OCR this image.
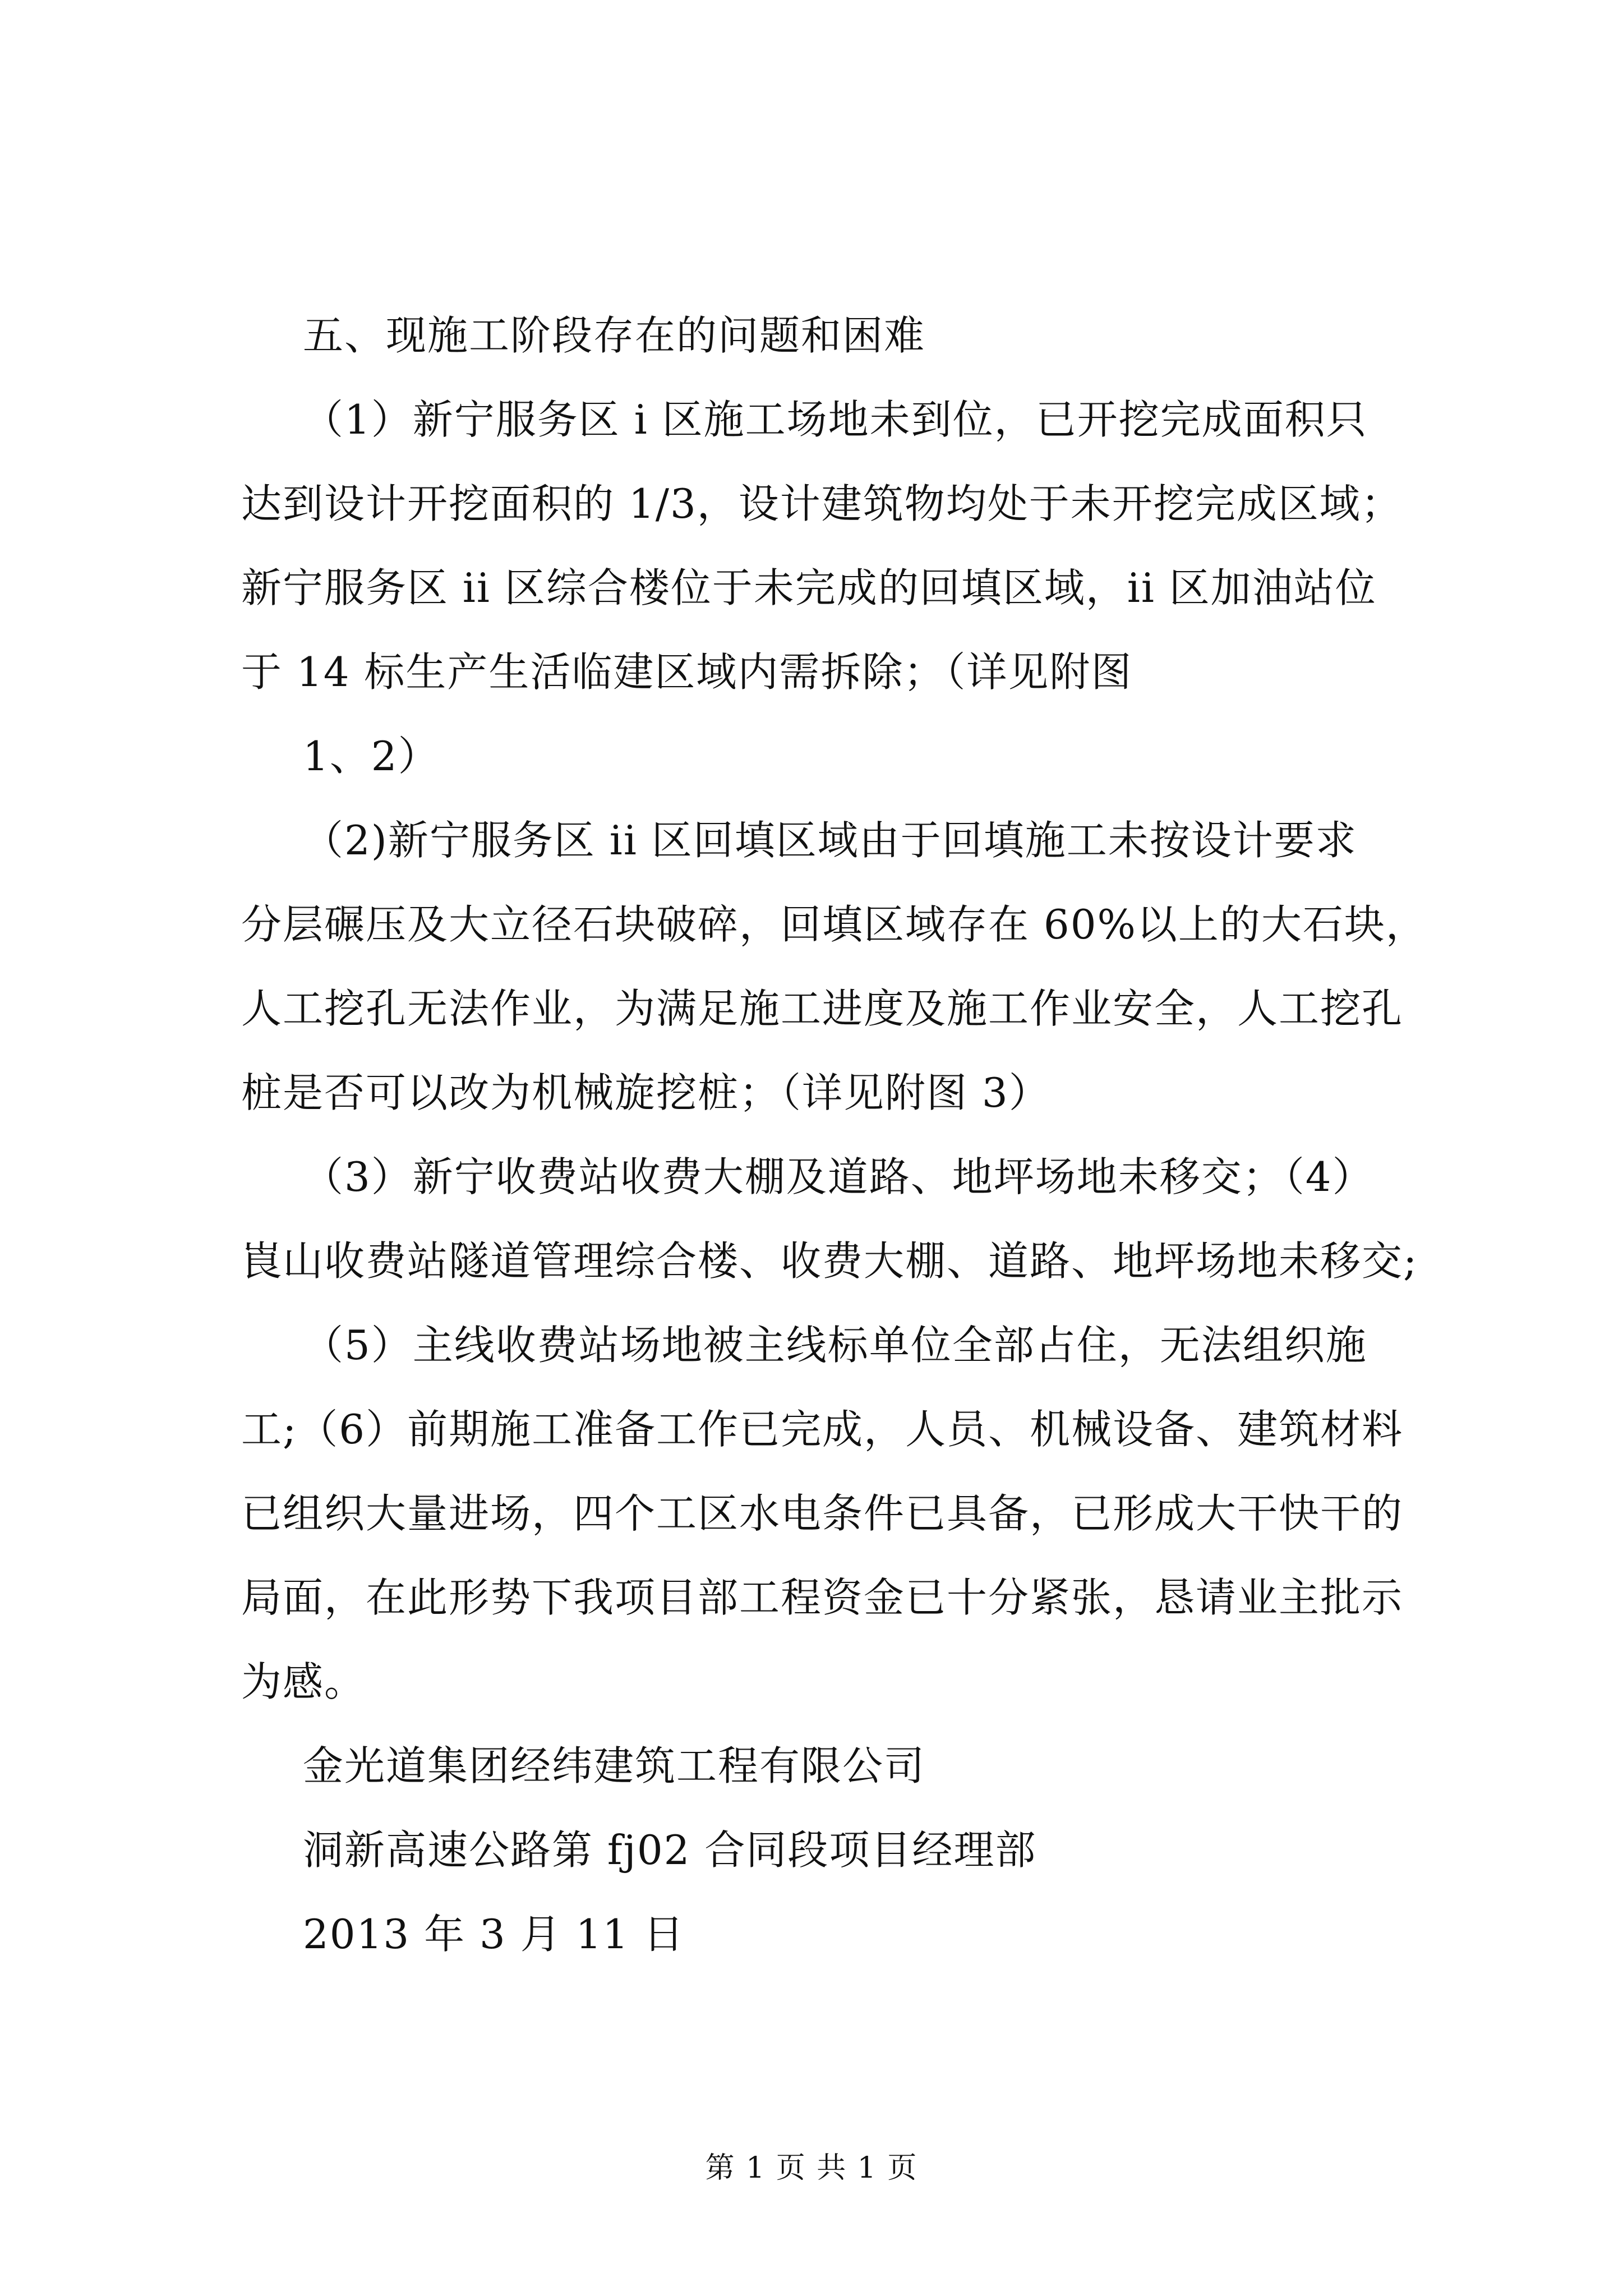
五、现施工阶段存在的问题和困难
（1）新宁服务区 i 区施工场地未到位，已开挖完成面积只
达到设计开挖面积的 1/3，设计建筑物均处于未开挖完成区域；
新宁服务区 ii 区综合楼位于未完成的回填区域，ii 区加油站位
于 14 标生产生活临建区域内需拆除；（详见附图
1、2）
（2)新宁服务区 ii 区回填区域由于回填施工未按设计要求
分层碾压及大立径石块破碎，回填区域存在 60%以上的大石块，
人工挖孔无法作业，为满足施工进度及施工作业安全，人工挖孔
桩是否可以改为机械旋挖桩；（详见附图 3）
（3）新宁收费站收费大棚及道路、地坪场地未移交；（4）
崀山收费站隧道管理综合楼、收费大棚、道路、地坪场地未移交;
（5）主线收费站场地被主线标单位全部占住，无法组织施
工;（6）前期施工准备工作已完成，人员、机械设备、建筑材料
已组织大量进场，四个工区水电条件已具备，已形成大干快干的
局面，在此形势下我项目部工程资金已十分紧张，恳请业主批示
为感。
金光道集团经纬建筑工程有限公司
洞新高速公路第 fj02 合同段项目经理部
2013 年 3 月 11 日
第 1 页 共 1 页
